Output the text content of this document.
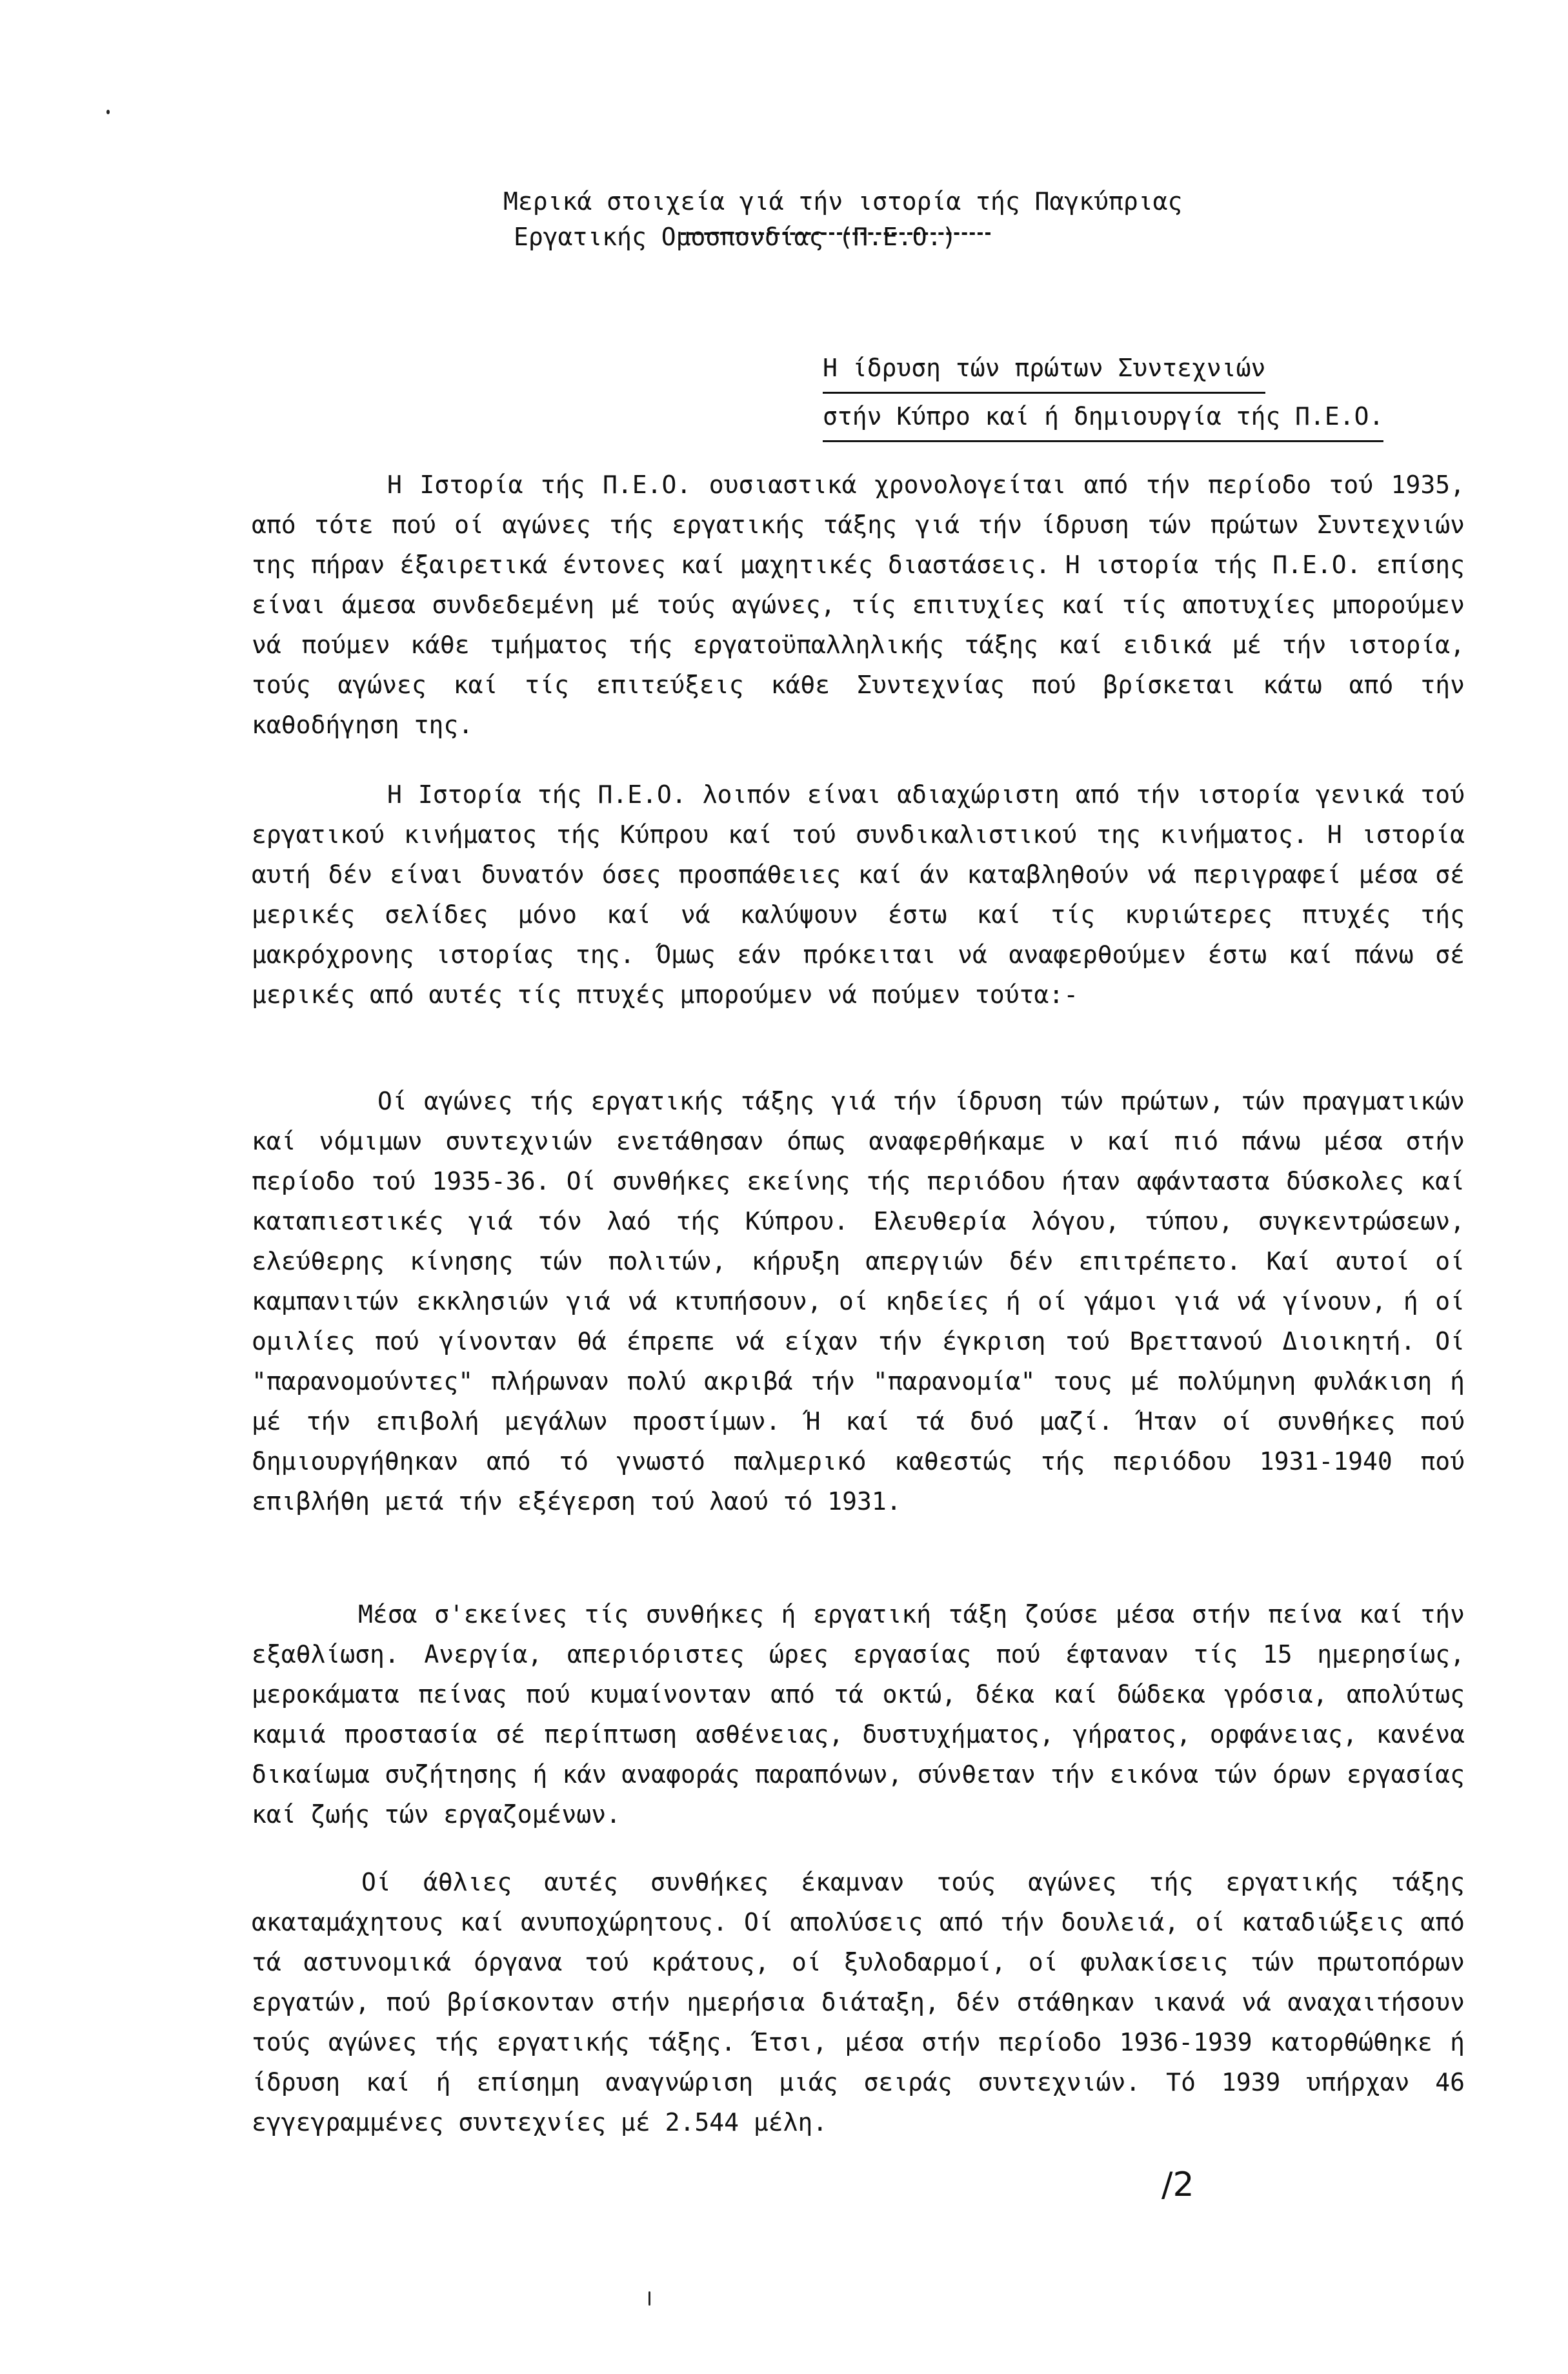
Μερικά στοιχεία γιά τήν ιστορία τής Παγκύπριας
Εργατικής Ομοσπονδίας (Π.Ε.Ο.)
Η ίδρυση τών πρώτων Συντεχνιών
στήν Κύπρο καί ή δημιουργία τής Π.Ε.Ο.

Η Ιστορία τής Π.Ε.Ο. ουσιαστικά χρονολογείται από τήν περίοδο τού 1935, από τότε πού οί αγώνες τής εργατικής τάξης γιά τήν ίδρυση τών πρώτων Συντεχνιών της πήραν έξαιρετικά έντονες καί μαχητικές διαστάσεις. Η ιστορία τής Π.Ε.Ο. επίσης είναι άμεσα συνδεδεμένη μέ τούς αγώνες, τίς επιτυχίες καί τίς αποτυχίες μπορούμεν νά πούμεν κάθε τμήματος τής εργατοϋπαλληλικής τάξης καί ειδικά μέ τήν ιστορία, τούς αγώνες καί τίς επιτεύξεις κάθε Συντεχνίας πού βρίσκεται κάτω από τήν καθοδήγηση της.

Η Ιστορία τής Π.Ε.Ο. λοιπόν είναι αδιαχώριστη από τήν ιστορία γενικά τού εργατικού κινήματος τής Κύπρου καί τού συνδικαλιστικού της κινήματος. Η ιστορία αυτή δέν είναι δυνατόν όσες προσπάθειες καί άν καταβληθούν νά περιγραφεί μέσα σέ μερικές σελίδες μόνο καί νά καλύψουν έστω καί τίς κυριώτερες πτυχές τής μακρόχρονης ιστορίας της. Όμως εάν πρόκειται νά αναφερθούμεν έστω καί πάνω σέ μερικές από αυτές τίς πτυχές μπορούμεν νά πούμεν τούτα:-

Οί αγώνες τής εργατικής τάξης γιά τήν ίδρυση τών πρώτων, τών πραγματικών καί νόμιμων συντεχνιών ενετάθησαν όπως αναφερθήκαμε ν καί πιό πάνω μέσα στήν περίοδο τού 1935-36. Οί συνθήκες εκείνης τής περιόδου ήταν αφάνταστα δύσκολες καί καταπιεστικές γιά τόν λαό τής Κύπρου. Ελευθερία λόγου, τύπου, συγκεντρώσεων, ελεύθερης κίνησης τών πολιτών, κήρυξη απεργιών δέν επιτρέπετο. Καί αυτοί οί καμπανιτών εκκλησιών γιά νά κτυπήσουν, οί κηδείες ή οί γάμοι γιά νά γίνουν, ή οί ομιλίες πού γίνονταν θά έπρεπε νά είχαν τήν έγκριση τού Βρεττανού Διοικητή. Οί "παρανομούντες" πλήρωναν πολύ ακριβά τήν "παρανομία" τους μέ πολύμηνη φυλάκιση ή μέ τήν επιβολή μεγάλων προστίμων. Ή καί τά δυό μαζί. Ήταν οί συνθήκες πού δημιουργήθηκαν από τό γνωστό παλμερικό καθεστώς τής περιόδου 1931-1940 πού επιβλήθη μετά τήν εξέγερση τού λαού τό 1931.

Μέσα σ'εκείνες τίς συνθήκες ή εργατική τάξη ζούσε μέσα στήν πείνα καί τήν εξαθλίωση. Ανεργία, απεριόριστες ώρες εργασίας πού έφταναν τίς 15 ημερησίως, μεροκάματα πείνας πού κυμαίνονταν από τά οκτώ, δέκα καί δώδεκα γρόσια, απολύτως καμιά προστασία σέ περίπτωση ασθένειας, δυστυχήματος, γήρατος, ορφάνειας, κανένα δικαίωμα συζήτησης ή κάν αναφοράς παραπόνων, σύνθεταν τήν εικόνα τών όρων εργασίας καί ζωής τών εργαζομένων.

Οί άθλιες αυτές συνθήκες έκαμναν τούς αγώνες τής εργατικής τάξης ακαταμάχητους καί ανυποχώρητους. Οί απολύσεις από τήν δουλειά, οί καταδιώξεις από τά αστυνομικά όργανα τού κράτους, οί ξυλοδαρμοί, οί φυλακίσεις τών πρωτοπόρων εργατών, πού βρίσκονταν στήν ημερήσια διάταξη, δέν στάθηκαν ικανά νά αναχαιτήσουν τούς αγώνες τής εργατικής τάξης. Έτσι, μέσα στήν περίοδο 1936-1939 κατορθώθηκε ή ίδρυση καί ή επίσημη αναγνώριση μιάς σειράς συντεχνιών. Τό 1939 υπήρχαν 46 εγγεγραμμένες συντεχνίες μέ 2.544 μέλη.

/2
